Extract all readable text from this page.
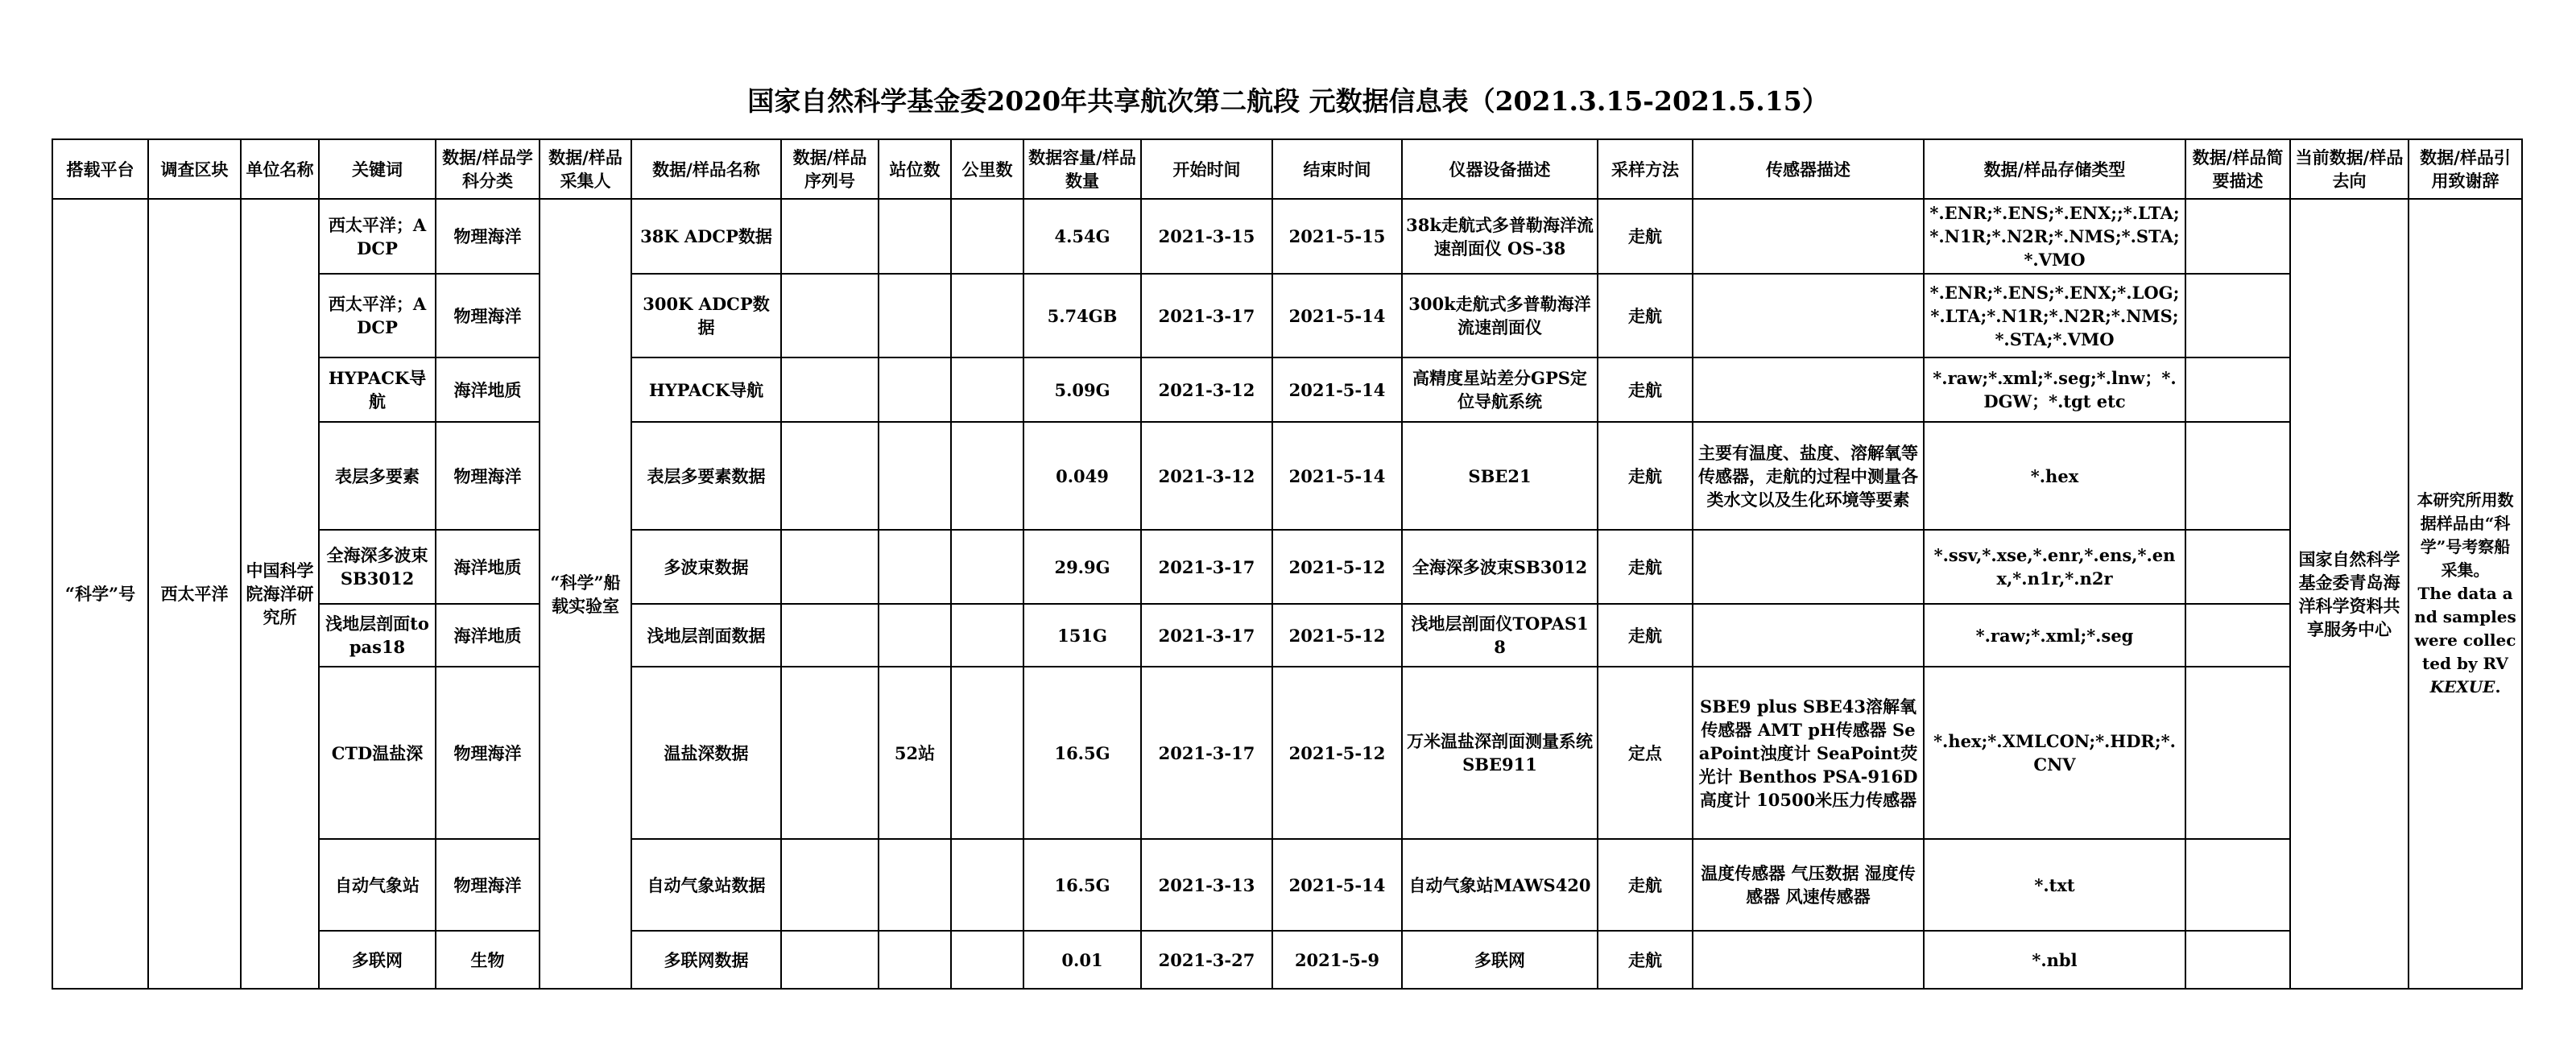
国家自然科学基金委2020年共享航次第二航段 元数据信息表（2021.3.15-2021.5.15）
搭载平台	调查区块	单位名称	关键词	数据/样品学科分类	数据/样品采集人	数据/样品名称	数据/样品序列号	站位数	公里数	数据容量/样品数量	开始时间	结束时间	仪器设备描述	采样方法	传感器描述	数据/样品存储类型	数据/样品简要描述	当前数据/样品去向	数据/样品引用致谢辞
“科学”号	西太平洋	中国科学院海洋研究所	西太平洋；ADCP	物理海洋	“科学”船载实验室	38K ADCP数据				4.54G	2021-3-15	2021-5-15	38k走航式多普勒海洋流速剖面仪 OS-38	走航		*.ENR;*.ENS;*.ENX;;*.LTA;*.N1R;*.N2R;*.NMS;*.STA;*.VMO		国家自然科学基金委青岛海洋科学资料共享服务中心	本研究所用数据样品由“科学”号考察船采集。
The data and samples were collected by RV KEXUE.

			西太平洋；ADCP	物理海洋		300K ADCP数据				5.74GB	2021-3-17	2021-5-14	300k走航式多普勒海洋流速剖面仪	走航		*.ENR;*.ENS;*.ENX;*.LOG;*.LTA;*.N1R;*.N2R;*.NMS;*.STA;*.VMO			
			HYPACK导航	海洋地质		HYPACK导航				5.09G	2021-3-12	2021-5-14	高精度星站差分GPS定位导航系统	走航		*.raw;*.xml;*.seg;*.lnw；*.DGW；*.tgt etc			
			表层多要素	物理海洋		表层多要素数据				0.049	2021-3-12	2021-5-14	SBE21	走航	主要有温度、盐度、溶解氧等传感器，走航的过程中测量各类水文以及生化环境等要素	*.hex			
			全海深多波束SB3012	海洋地质		多波束数据				29.9G	2021-3-17	2021-5-12	全海深多波束SB3012	走航		*.ssv,*.xse,*.enr,*.ens,*.enx,*.n1r,*.n2r			
			浅地层剖面topas18	海洋地质		浅地层剖面数据				151G	2021-3-17	2021-5-12	浅地层剖面仪TOPAS18	走航		*.raw;*.xml;*.seg			
			CTD温盐深	物理海洋		温盐深数据		52站		16.5G	2021-3-17	2021-5-12	万米温盐深剖面测量系统SBE911	定点	SBE9 plus SBE43溶解氧传感器 AMT pH传感器 SeaPoint浊度计 SeaPoint荧光计 Benthos PSA-916D高度计 10500米压力传感器	*.hex;*.XMLCON;*.HDR;*.CNV			
			自动气象站	物理海洋		自动气象站数据				16.5G	2021-3-13	2021-5-14	自动气象站MAWS420	走航	温度传感器 气压数据 湿度传感器 风速传感器	*.txt			
			多联网	生物		多联网数据				0.01	2021-3-27	2021-5-9	多联网	走航		*.nbl			
